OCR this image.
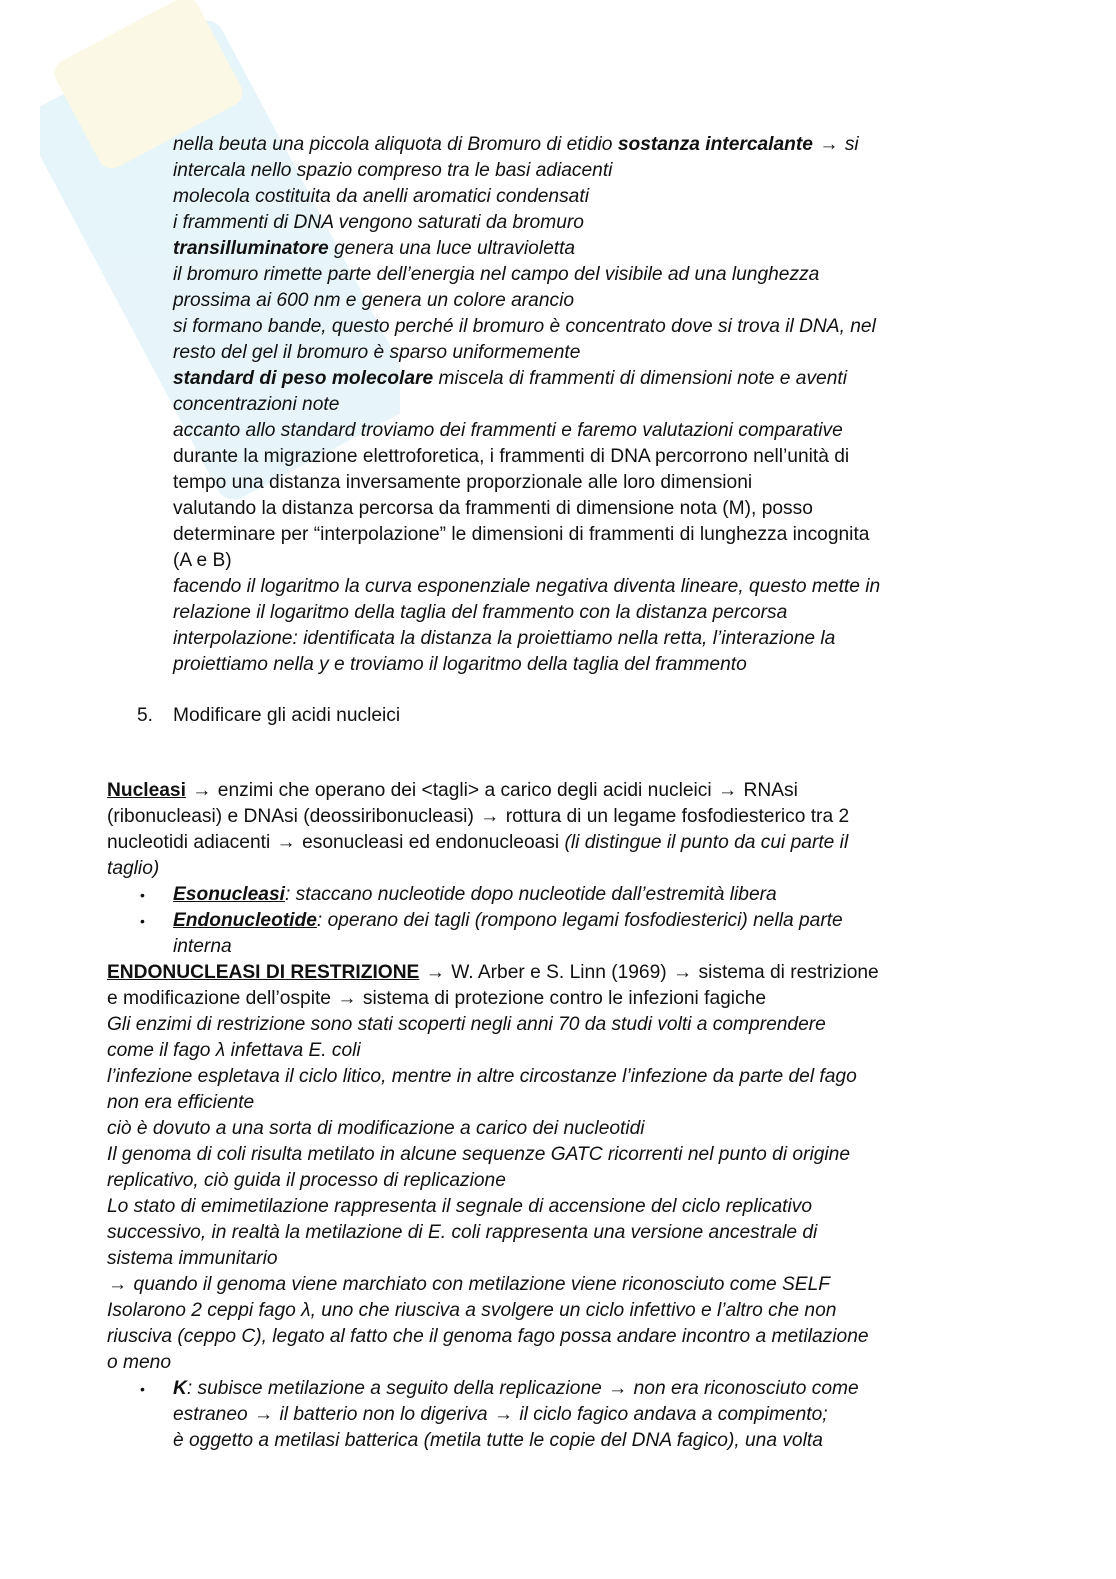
nella beuta una piccola aliquota di Bromuro di etidio sostanza intercalante → si
intercala nello spazio compreso tra le basi adiacenti
molecola costituita da anelli aromatici condensati
i frammenti di DNA vengono saturati da bromuro
transilluminatore genera una luce ultravioletta
il bromuro rimette parte dell’energia nel campo del visibile ad una lunghezza
prossima ai 600 nm e genera un colore arancio
si formano bande, questo perché il bromuro è concentrato dove si trova il DNA, nel
resto del gel il bromuro è sparso uniformemente
standard di peso molecolare miscela di frammenti di dimensioni note e aventi
concentrazioni note
accanto allo standard troviamo dei frammenti e faremo valutazioni comparative
durante la migrazione elettroforetica, i frammenti di DNA percorrono nell’unità di
tempo una distanza inversamente proporzionale alle loro dimensioni
valutando la distanza percorsa da frammenti di dimensione nota (M), posso
determinare per “interpolazione” le dimensioni di frammenti di lunghezza incognita
(A e B)
facendo il logaritmo la curva esponenziale negativa diventa lineare, questo mette in
relazione il logaritmo della taglia del frammento con la distanza percorsa
interpolazione: identificata la distanza la proiettiamo nella retta, l’interazione la
proiettiamo nella y e troviamo il logaritmo della taglia del frammento
5. Modificare gli acidi nucleici
Nucleasi → enzimi che operano dei <tagli> a carico degli acidi nucleici → RNAsi
(ribonucleasi) e DNAsi (deossiribonucleasi) → rottura di un legame fosfodiesterico tra 2
nucleotidi adiacenti → esonucleasi ed endonucleoasi (li distingue il punto da cui parte il
taglio)
• Esonucleasi: staccano nucleotide dopo nucleotide dall’estremità libera
• Endonucleotide: operano dei tagli (rompono legami fosfodiesterici) nella parte
interna
ENDONUCLEASI DI RESTRIZIONE → W. Arber e S. Linn (1969) → sistema di restrizione
e modificazione dell’ospite → sistema di protezione contro le infezioni fagiche
Gli enzimi di restrizione sono stati scoperti negli anni 70 da studi volti a comprendere
come il fago λ infettava E. coli
l’infezione espletava il ciclo litico, mentre in altre circostanze l’infezione da parte del fago
non era efficiente
ciò è dovuto a una sorta di modificazione a carico dei nucleotidi
Il genoma di coli risulta metilato in alcune sequenze GATC ricorrenti nel punto di origine
replicativo, ciò guida il processo di replicazione
Lo stato di emimetilazione rappresenta il segnale di accensione del ciclo replicativo
successivo, in realtà la metilazione di E. coli rappresenta una versione ancestrale di
sistema immunitario
→ quando il genoma viene marchiato con metilazione viene riconosciuto come SELF
Isolarono 2 ceppi fago λ, uno che riusciva a svolgere un ciclo infettivo e l’altro che non
riusciva (ceppo C), legato al fatto che il genoma fago possa andare incontro a metilazione
o meno
• K: subisce metilazione a seguito della replicazione → non era riconosciuto come
estraneo → il batterio non lo digeriva → il ciclo fagico andava a compimento;
è oggetto a metilasi batterica (metila tutte le copie del DNA fagico), una volta
